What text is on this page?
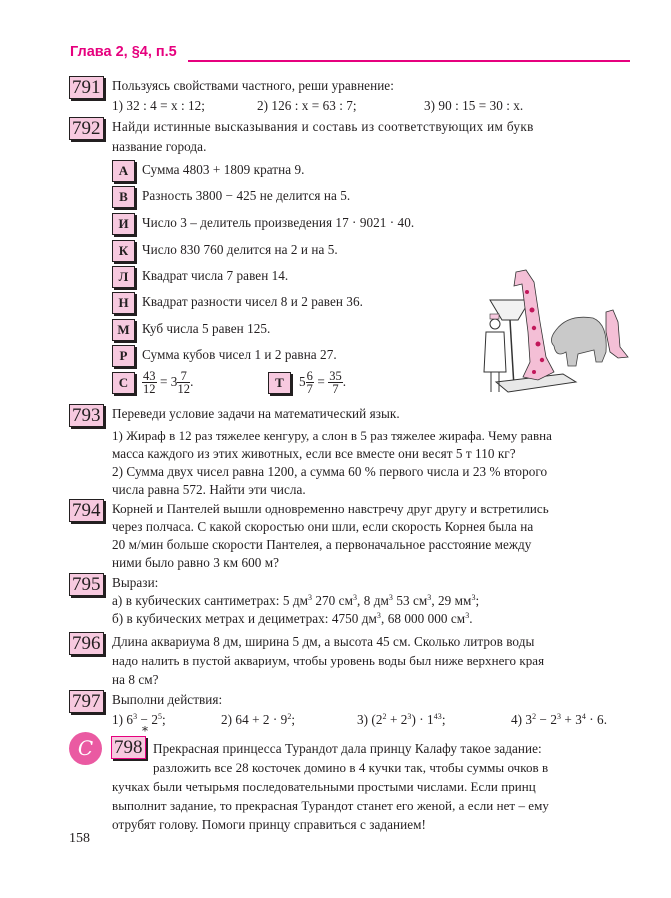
Глава 2, §4, п.5
791 Пользуясь свойствами частного, реши уравнение:
1) 32 : 4 = x : 12;	2) 126 : x = 63 : 7;	3) 90 : 15 = 30 : x.
792 Найди истинные высказывания и составь из соответствующих им букв
название города.
А	Сумма 4803 + 1809 кратна 9.
В	Разность 3800 − 425 не делится на 5.
И	Число 3 – делитель произведения 17 · 9021 · 40.
К	Число 830 760 делится на 2 и на 5.
Л	Квадрат числа 7 равен 14.
Н	Квадрат разности чисел 8 и 2 равен 36.
М Куб числа 5 равен 125.
Р	Сумма кубов чисел 1 и 2 равна 27.
С	$\frac{43}{12} = 3 \frac{7}{12}$ .	Т	$5 \frac{6}{7} = \frac{35}{7}$ .
793 Переведи условие задачи на математический язык.
1) Жираф в 12 раз тяжелее кенгуру, а слон в 5 раз тяжелее жирафа. Чему равна
масса каждого из этих животных, если все вместе они весят 5 т 110 кг?
2) Сумма двух чисел равна 1200, а сумма 60 % первого числа и 23 % второго
числа равна 572. Найти эти числа.
794 Корней и Пантелей вышли одновременно навстречу друг другу и встретились
через полчаса. С какой скоростью они шли, если скорость Корнея была на
20 м/мин больше скорости Пантелея, а первоначальное расстояние между
ними было равно 3 км 600 м?
795 Вырази:
а) в кубических сантиметрах: 5 $дм^3$ 270 $см^3$, 8 $дм^3$ 53 $см^3$, 29 $мм^3$;
б) в кубических метрах и дециметрах: 4750 $дм^3$, 68 000 000 $см^3$.
796 Длина аквариума 8 дм, ширина 5 дм, а высота 45 см. Сколько литров воды
надо налить в пустой аквариум, чтобы уровень воды был ниже верхнего края
на 8 см?
797 Выполни действия:
1) $6^3 - 2^5$;	2) $64 + 2 \cdot 9^2$;	3) $(2^2 + 2^3) \cdot 1^{43}$;	4) $3^2 - 2^3 + 3^4 \cdot 6$.
C	798
*
Прекрасная принцесса Турандот дала принцу Калафу такое задание:
разложить все 28 косточек домино в 4 кучки так, чтобы суммы очков в
кучках были четырьмя последовательными простыми числами. Если принц
выполнит задание, то прекрасная Турандот станет его женой, а если нет – ему
отрубят голову. Помоги принцу справиться с заданием!
158
